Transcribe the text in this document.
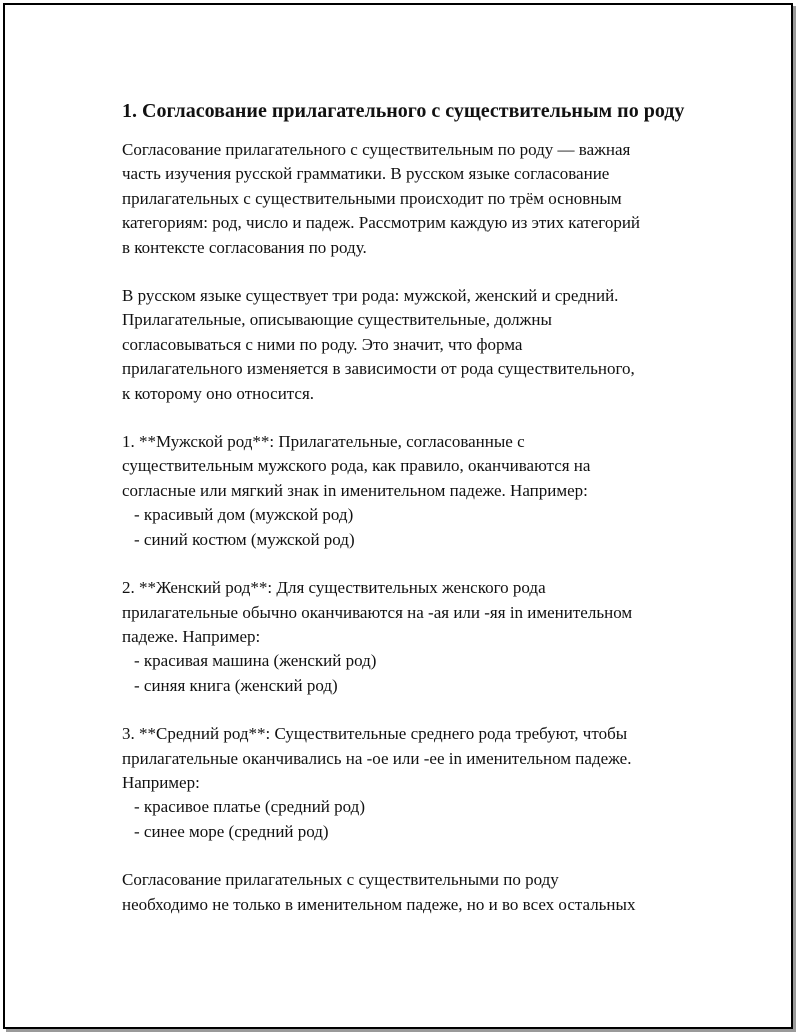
1. Согласование прилагательного с существительным по роду

Согласование прилагательного с существительным по роду — важная
часть изучения русской грамматики. В русском языке согласование
прилагательных с существительными происходит по трём основным
категориям: род, число и падеж. Рассмотрим каждую из этих категорий
в контексте согласования по роду.

В русском языке существует три рода: мужской, женский и средний.
Прилагательные, описывающие существительные, должны
согласовываться с ними по роду. Это значит, что форма
прилагательного изменяется в зависимости от рода существительного,
к которому оно относится.

1. **Мужской род**: Прилагательные, согласованные с
существительным мужского рода, как правило, оканчиваются на
согласные или мягкий знак in именительном падеже. Например:
- красивый дом (мужской род)
- синий костюм (мужской род)

2. **Женский род**: Для существительных женского рода
прилагательные обычно оканчиваются на -ая или -яя in именительном
падеже. Например:
- красивая машина (женский род)
- синяя книга (женский род)

3. **Средний род**: Существительные среднего рода требуют, чтобы
прилагательные оканчивались на -ое или -ее in именительном падеже.
Например:
- красивое платье (средний род)
- синее море (средний род)

Согласование прилагательных с существительными по роду
необходимо не только в именительном падеже, но и во всех остальных
